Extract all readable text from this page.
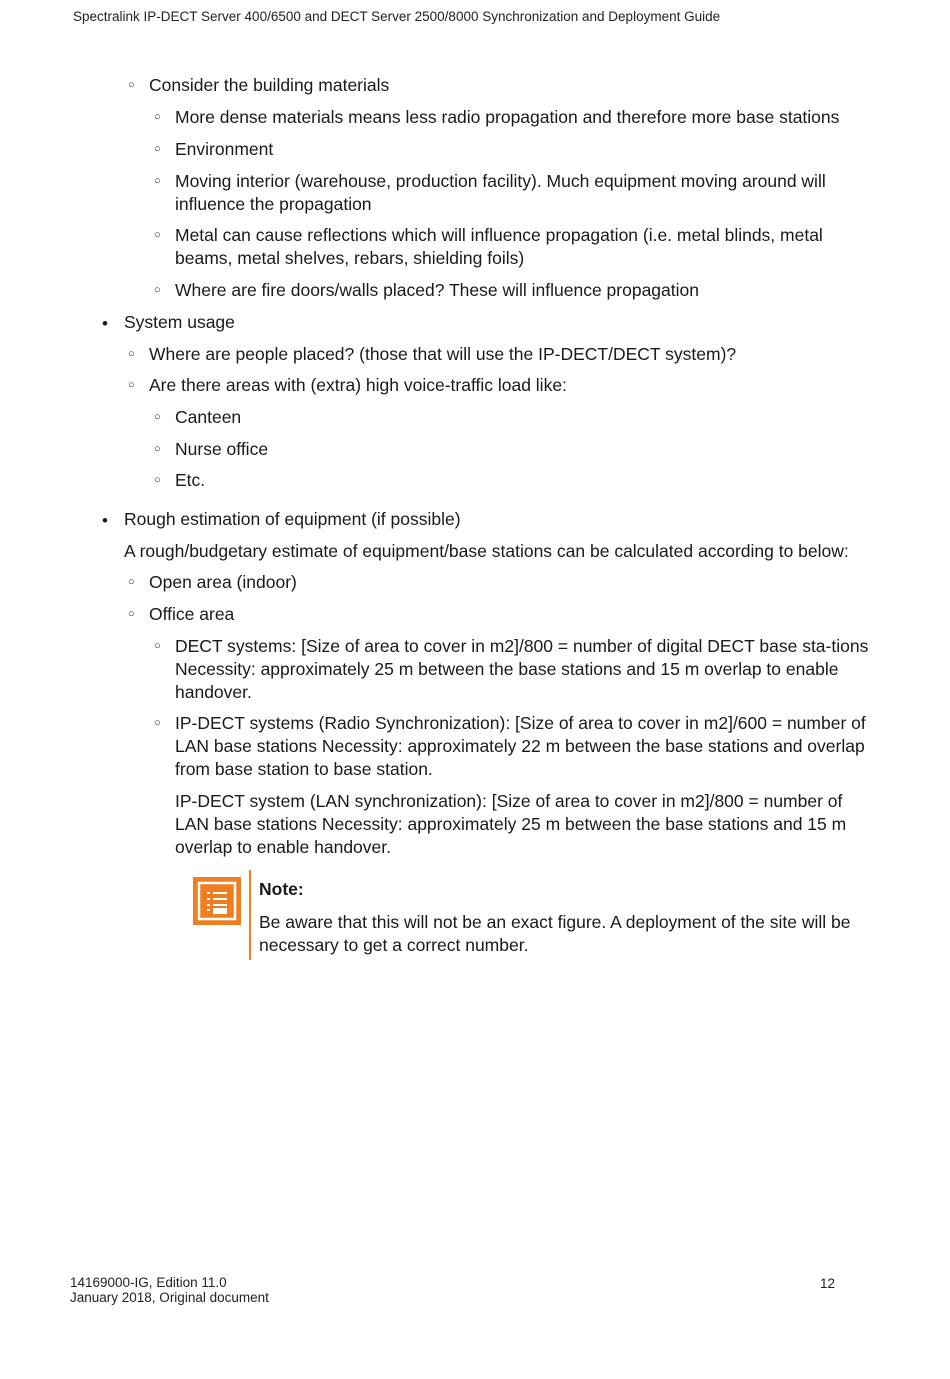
Spectralink IP-DECT Server 400/6500 and DECT Server 2500/8000 Synchronization and Deployment Guide
○ Consider the building materials
○ More dense materials means less radio propagation and therefore more base stations
○ Environment
○ Moving interior (warehouse, production facility). Much equipment moving around will influence the propagation
○ Metal can cause reflections which will influence propagation (i.e. metal blinds, metal beams, metal shelves, rebars, shielding foils)
○ Where are fire doors/walls placed? These will influence propagation
• System usage
○ Where are people placed? (those that will use the IP-DECT/DECT system)?
○ Are there areas with (extra) high voice-traffic load like:
○ Canteen
○ Nurse office
○ Etc.
• Rough estimation of equipment (if possible)
A rough/budgetary estimate of equipment/base stations can be calculated according to below:
○ Open area (indoor)
○ Office area
○ DECT systems: [Size of area to cover in m2]/800 = number of digital DECT base sta-tions Necessity: approximately 25 m between the base stations and 15 m overlap to enable handover.
○ IP-DECT systems (Radio Synchronization): [Size of area to cover in m2]/600 = number of LAN base stations Necessity: approximately 22 m between the base stations and overlap from base station to base station.
IP-DECT system (LAN synchronization): [Size of area to cover in m2]/800 = number of LAN base stations Necessity: approximately 25 m between the base stations and 15 m overlap to enable handover.
Note:
Be aware that this will not be an exact figure. A deployment of the site will be necessary to get a correct number.
14169000-IG, Edition 11.0
January 2018, Original document
12
